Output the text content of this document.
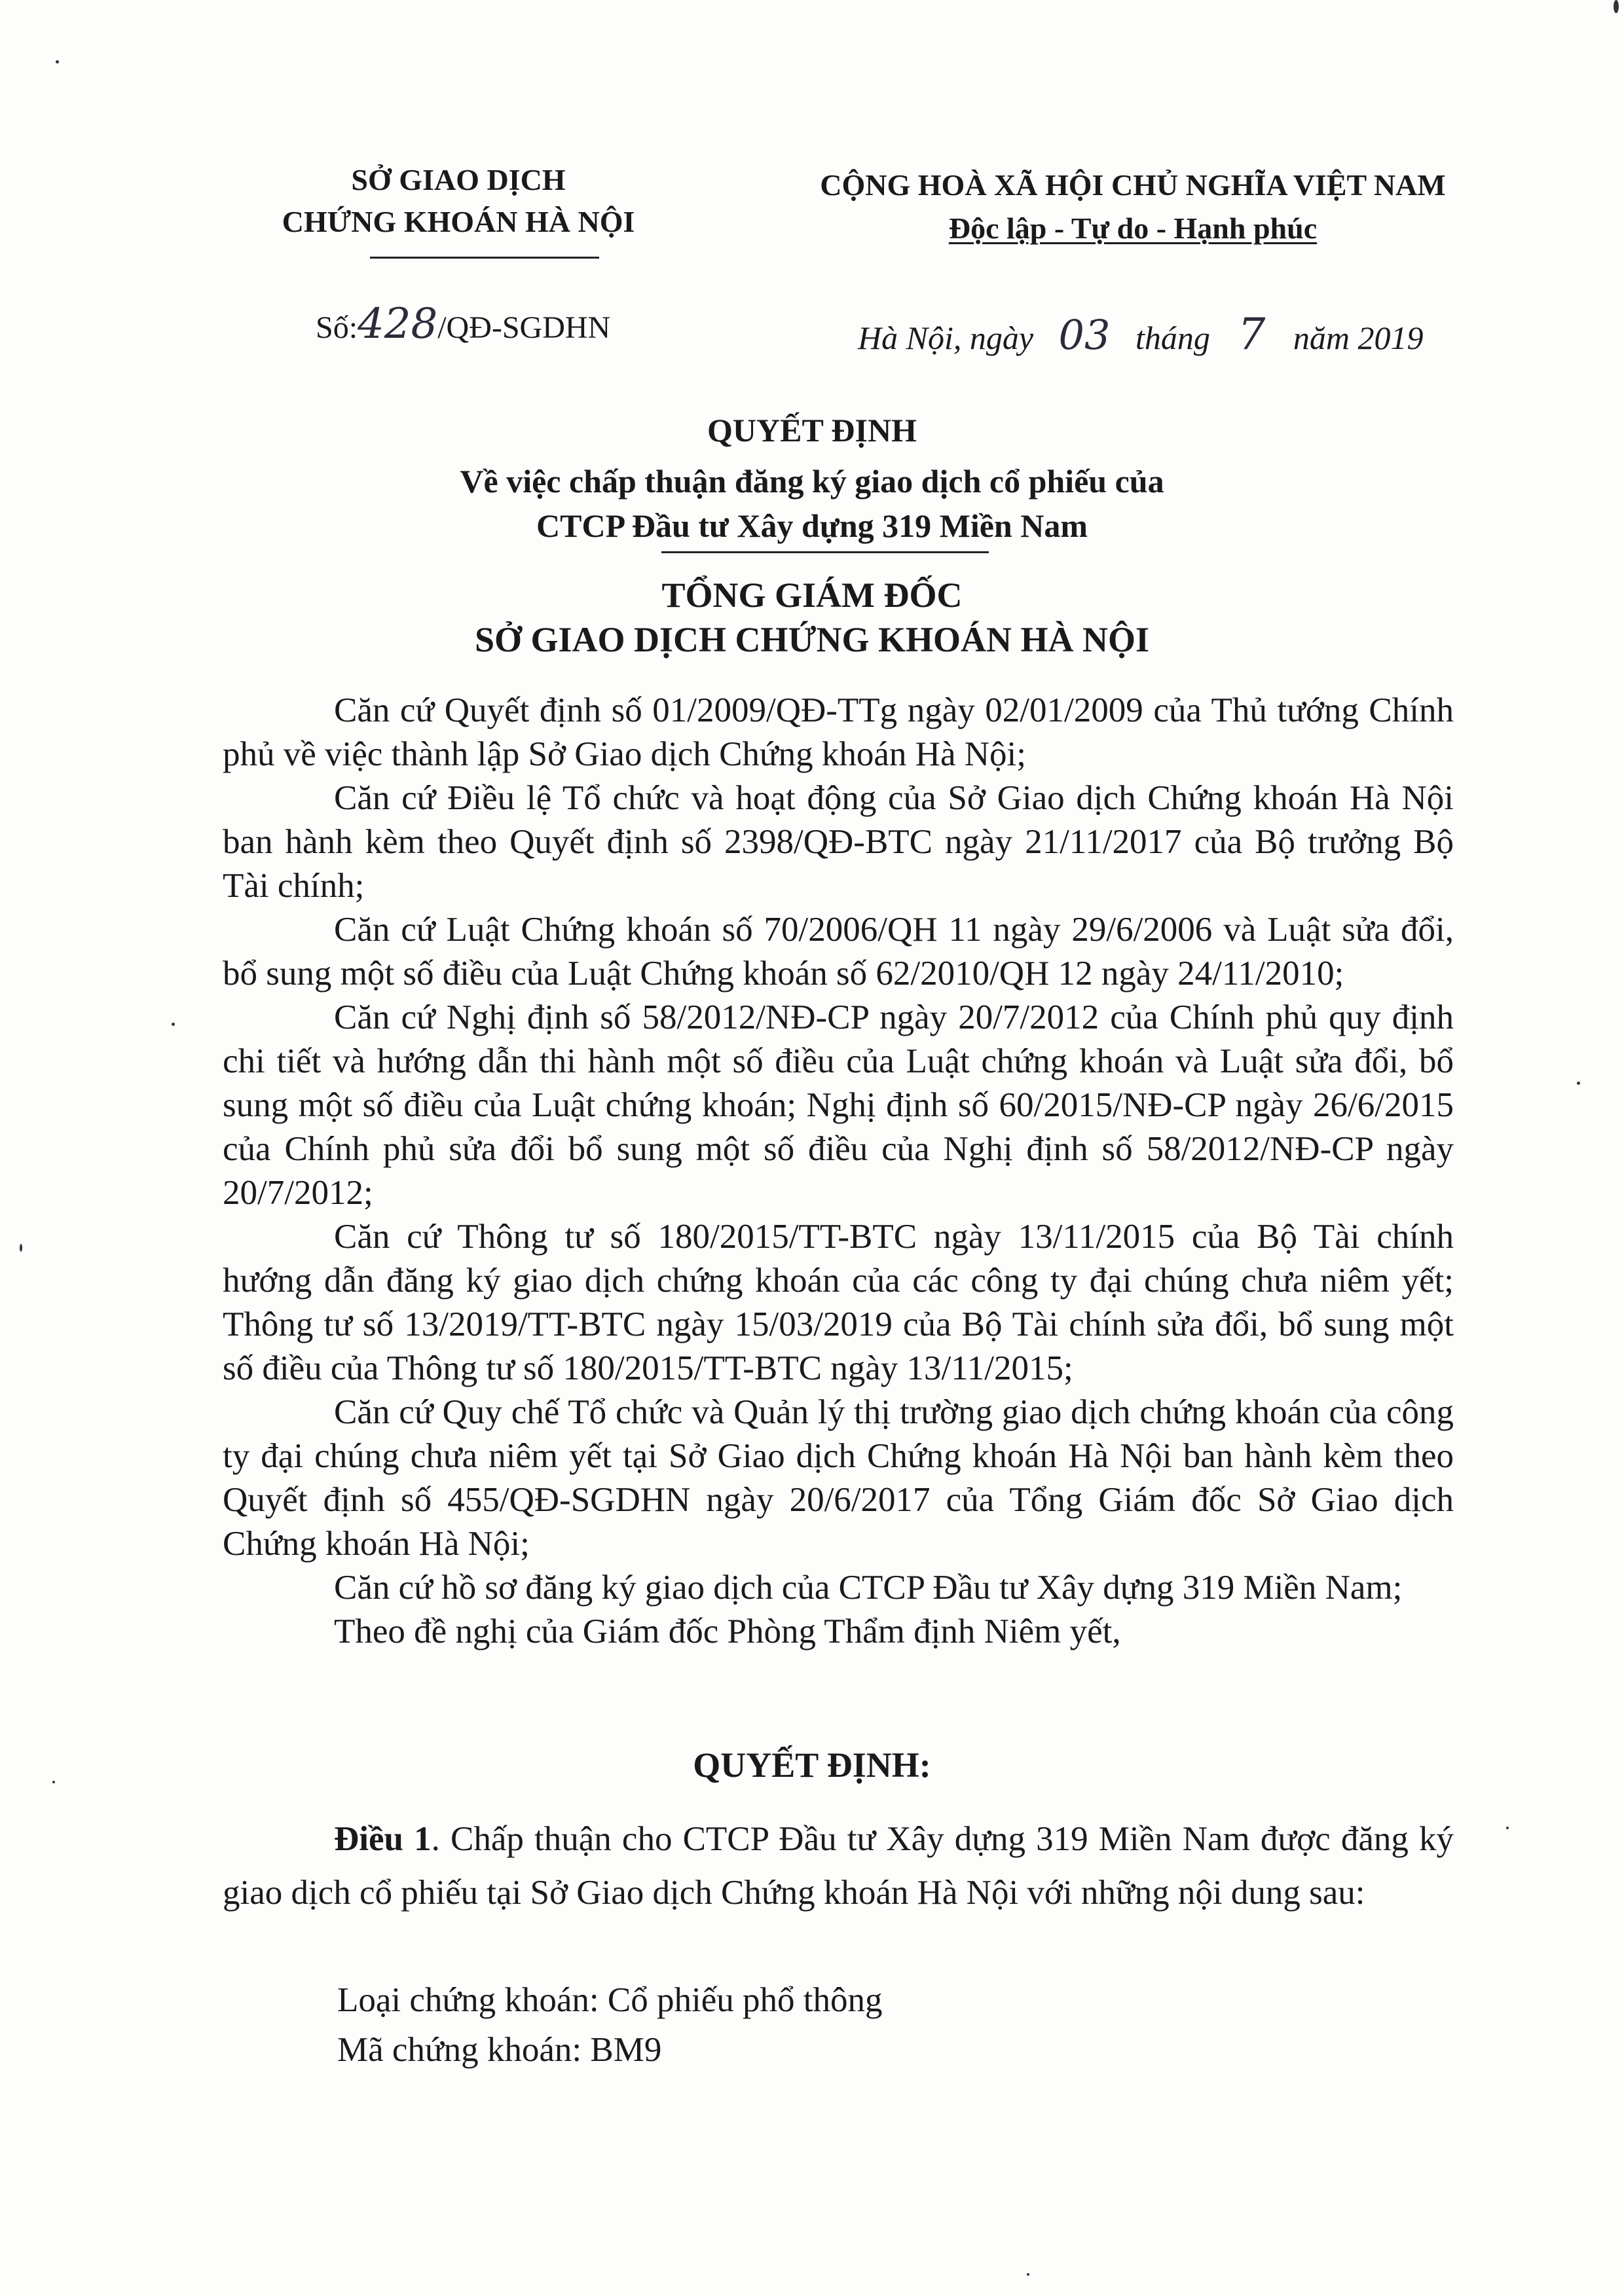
SỞ GIAO DỊCH
CHỨNG KHOÁN HÀ NỘI
CỘNG HOÀ XÃ HỘI CHỦ NGHĨA VIỆT NAM
Độc lập - Tự do - Hạnh phúc
Số:428/QĐ-SGDHN	Hà Nội, ngày 03 tháng 7 năm 2019
QUYẾT ĐỊNH
Về việc chấp thuận đăng ký giao dịch cổ phiếu của
CTCP Đầu tư Xây dựng 319 Miền Nam
TỔNG GIÁM ĐỐC
SỞ GIAO DỊCH CHỨNG KHOÁN HÀ NỘI

Căn cứ Quyết định số 01/2009/QĐ-TTg ngày 02/01/2009 của Thủ tướng Chính phủ về việc thành lập Sở Giao dịch Chứng khoán Hà Nội;

Căn cứ Điều lệ Tổ chức và hoạt động của Sở Giao dịch Chứng khoán Hà Nội ban hành kèm theo Quyết định số 2398/QĐ-BTC ngày 21/11/2017 của Bộ trưởng Bộ Tài chính;

Căn cứ Luật Chứng khoán số 70/2006/QH 11 ngày 29/6/2006 và Luật sửa đổi, bổ sung một số điều của Luật Chứng khoán số 62/2010/QH 12 ngày 24/11/2010;

Căn cứ Nghị định số 58/2012/NĐ-CP ngày 20/7/2012 của Chính phủ quy định chi tiết và hướng dẫn thi hành một số điều của Luật chứng khoán và Luật sửa đổi, bổ sung một số điều của Luật chứng khoán; Nghị định số 60/2015/NĐ-CP ngày 26/6/2015 của Chính phủ sửa đổi bổ sung một số điều của Nghị định số 58/2012/NĐ-CP ngày 20/7/2012;

Căn cứ Thông tư số 180/2015/TT-BTC ngày 13/11/2015 của Bộ Tài chính hướng dẫn đăng ký giao dịch chứng khoán của các công ty đại chúng chưa niêm yết; Thông tư số 13/2019/TT-BTC ngày 15/03/2019 của Bộ Tài chính sửa đổi, bổ sung một số điều của Thông tư số 180/2015/TT-BTC ngày 13/11/2015;

Căn cứ Quy chế Tổ chức và Quản lý thị trường giao dịch chứng khoán của công ty đại chúng chưa niêm yết tại Sở Giao dịch Chứng khoán Hà Nội ban hành kèm theo Quyết định số 455/QĐ-SGDHN ngày 20/6/2017 của Tổng Giám đốc Sở Giao dịch Chứng khoán Hà Nội;

Căn cứ hồ sơ đăng ký giao dịch của CTCP Đầu tư Xây dựng 319 Miền Nam;

Theo đề nghị của Giám đốc Phòng Thẩm định Niêm yết,

QUYẾT ĐỊNH:

Điều 1. Chấp thuận cho CTCP Đầu tư Xây dựng 319 Miền Nam được đăng ký giao dịch cổ phiếu tại Sở Giao dịch Chứng khoán Hà Nội với những nội dung sau:

Loại chứng khoán: Cổ phiếu phổ thông
Mã chứng khoán: BM9
